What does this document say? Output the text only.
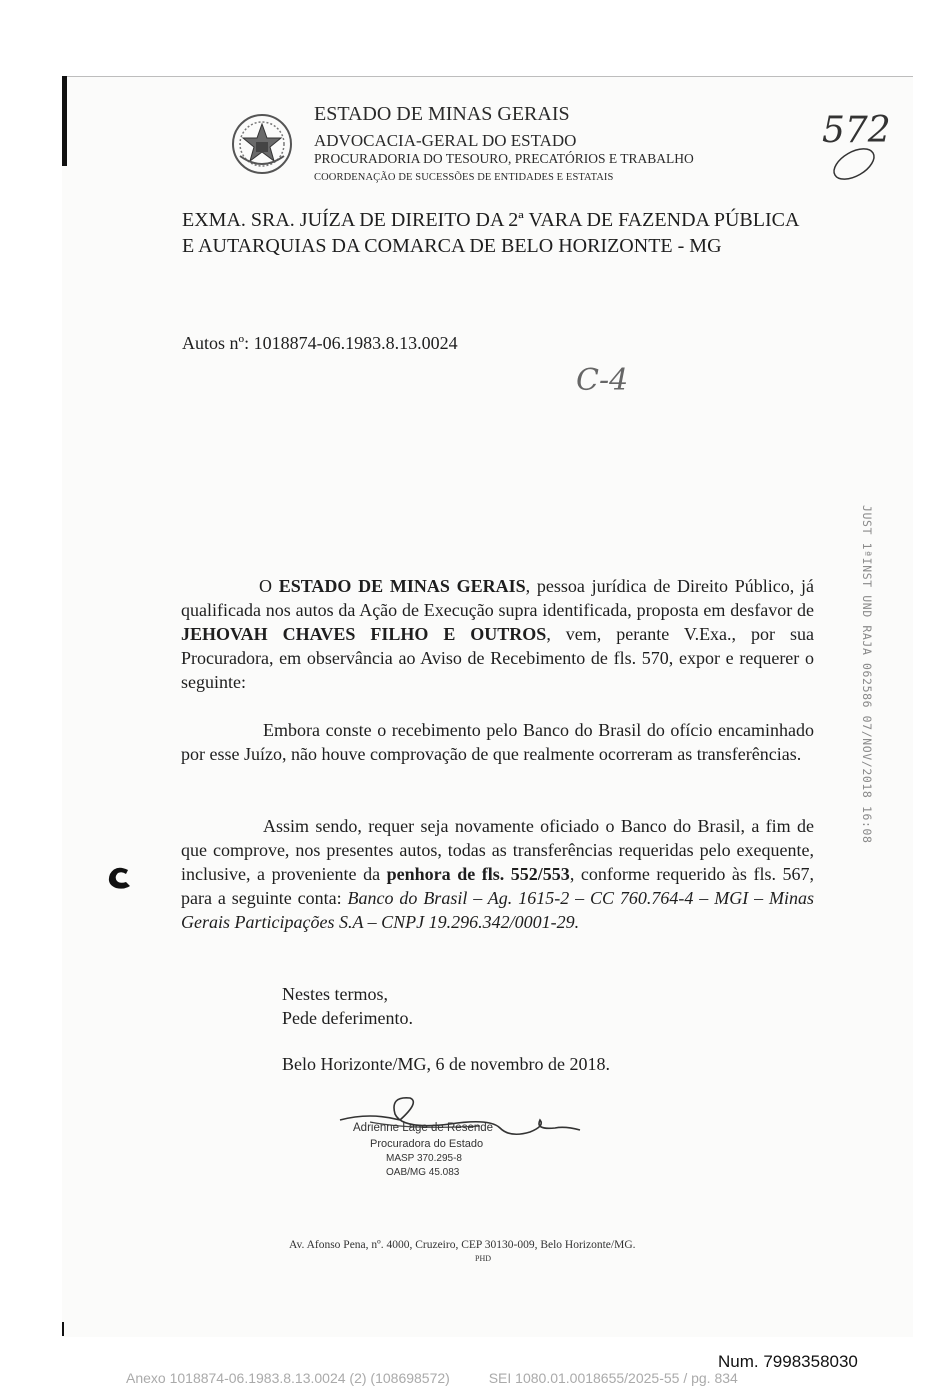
ESTADO DE MINAS GERAIS
ADVOCACIA-GERAL DO ESTADO
PROCURADORIA DO TESOURO, PRECATÓRIOS E TRABALHO
COORDENAÇÃO DE SUCESSÕES DE ENTIDADES E ESTATAIS
572
EXMA. SRA. JUÍZA DE DIREITO DA 2ª VARA DE FAZENDA PÚBLICA
E AUTARQUIAS DA COMARCA DE BELO HORIZONTE - MG
Autos nº: 1018874-06.1983.8.13.0024
C-4
JUST 1ªINST UND RAJA 062586 07/NOV/2018 16:08
O ESTADO DE MINAS GERAIS, pessoa jurídica de Direito Público, já qualificada nos autos da Ação de Execução supra identificada, proposta em desfavor de JEHOVAH CHAVES FILHO E OUTROS, vem, perante V.Exa., por sua Procuradora, em observância ao Aviso de Recebimento de fls. 570, expor e requerer o seguinte:
Embora conste o recebimento pelo Banco do Brasil do ofício encaminhado por esse Juízo, não houve comprovação de que realmente ocorreram as transferências.
Assim sendo, requer seja novamente oficiado o Banco do Brasil, a fim de que comprove, nos presentes autos, todas as transferências requeridas pelo exequente, inclusive, a proveniente da penhora de fls. 552/553, conforme requerido às fls. 567, para a seguinte conta: Banco do Brasil – Ag. 1615-2 – CC 760.764-4 – MGI – Minas Gerais Participações S.A – CNPJ 19.296.342/0001-29.
Nestes termos,
Pede deferimento.
Belo Horizonte/MG, 6 de novembro de 2018.
Adrienne Lage de Resende
Procuradora do Estado
MASP 370.295-8
OAB/MG 45.083
Av. Afonso Pena, nº. 4000, Cruzeiro, CEP 30130-009, Belo Horizonte/MG.
PHD
Num. 7998358030
Anexo 1018874-06.1983.8.13.0024 (2) (108698572)          SEI 1080.01.0018655/2025-55 / pg. 834
